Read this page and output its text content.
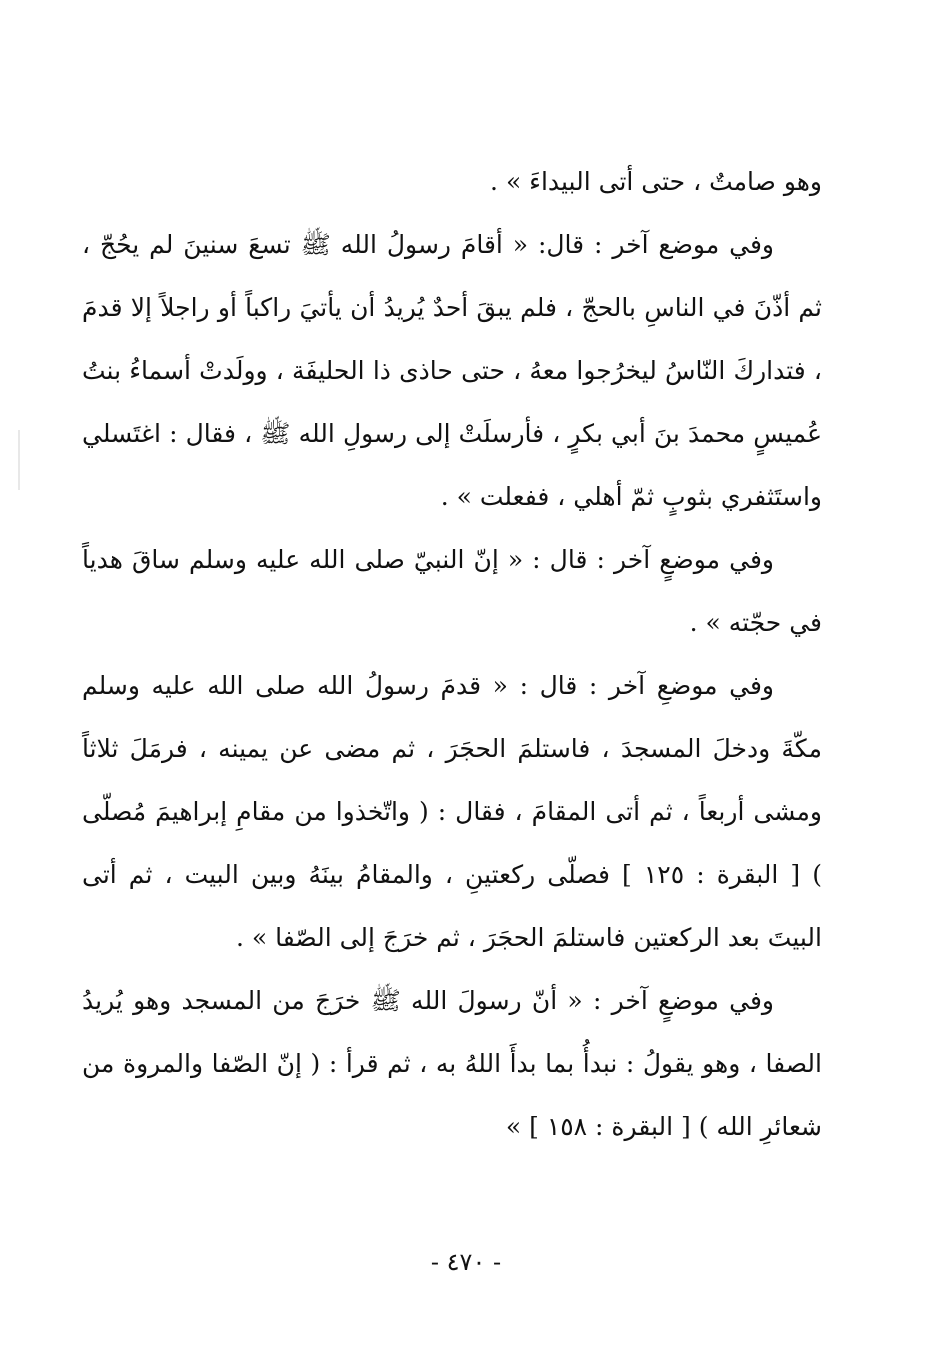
وهو صامتٌ ، حتى أتى البيداءَ » .

وفي موضع آخر : قال: « أقامَ رسولُ الله ﷺ تسعَ سنينَ لم يحُجّ ، ثم أذّنَ في الناسِ بالحجّ ، فلم يبقَ أحدٌ يُريدُ أن يأتيَ راكباً أو راجلاً إلا قدمَ ، فتداركَ النّاسُ ليخرُجوا معهُ ، حتى حاذى ذا الحليفَة ، وولَدتْ أسماءُ بنتُ عُميسٍ محمدَ بنَ أبي بكرٍ ، فأرسلَتْ إلى رسولِ الله ﷺ ، فقال : اغتَسلي واستَثفري بثوبٍ ثمّ أهلي ، ففعلت » .

وفي موضعٍ آخر : قال : « إنّ النبيّ صلى الله عليه وسلم ساقَ هدياً في حجّته » .

وفي موضعِ آخر : قال : « قدمَ رسولُ الله صلى الله عليه وسلم مكّةَ ودخلَ المسجدَ ، فاستلمَ الحجَرَ ، ثم مضى عن يمينه ، فرمَلَ ثلاثاً ومشى أربعاً ، ثم أتى المقامَ ، فقال : ( واتّخذوا من مقامِ إبراهيمَ مُصلّى ) [ البقرة : ١٢٥ ] فصلّى ركعتينِ ، والمقامُ بينَهُ وبين البيت ، ثم أتى البيتَ بعد الركعتين فاستلمَ الحجَرَ ، ثم خرَجَ إلى الصّفا » .

وفي موضعٍ آخر : « أنّ رسولَ الله ﷺ خرَجَ من المسجد وهو يُريدُ الصفا ، وهو يقولُ : نبدأُ بما بدأَ اللهُ به ، ثم قرأ : ( إنّ الصّفا والمروة من شعائرِ الله ) [ البقرة : ١٥٨ ] »

- ٤٧٠ -
